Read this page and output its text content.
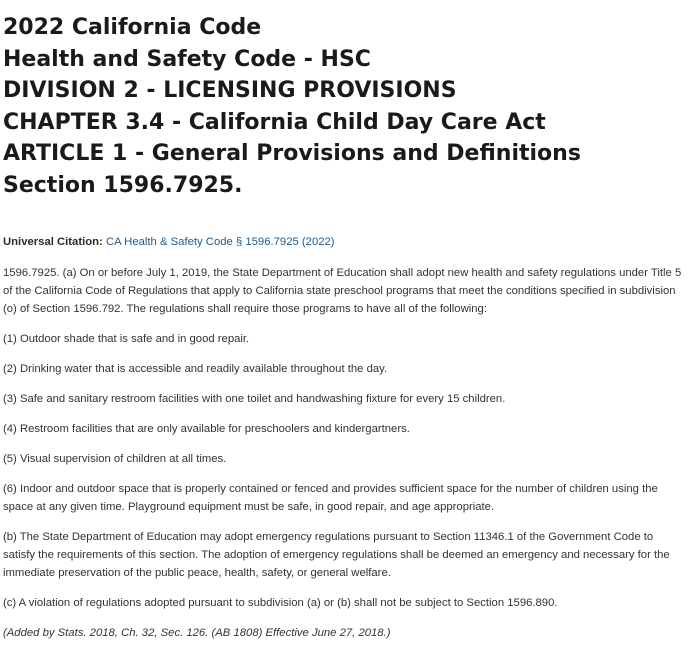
2022 California Code
Health and Safety Code - HSC
DIVISION 2 - LICENSING PROVISIONS
CHAPTER 3.4 - California Child Day Care Act
ARTICLE 1 - General Provisions and Definitions
Section 1596.7925.

Universal Citation: CA Health & Safety Code § 1596.7925 (2022)

1596.7925. (a) On or before July 1, 2019, the State Department of Education shall adopt new health and safety regulations under Title 5 of the California Code of Regulations that apply to California state preschool programs that meet the conditions specified in subdivision (o) of Section 1596.792. The regulations shall require those programs to have all of the following:

(1) Outdoor shade that is safe and in good repair.

(2) Drinking water that is accessible and readily available throughout the day.

(3) Safe and sanitary restroom facilities with one toilet and handwashing fixture for every 15 children.

(4) Restroom facilities that are only available for preschoolers and kindergartners.

(5) Visual supervision of children at all times.

(6) Indoor and outdoor space that is properly contained or fenced and provides sufficient space for the number of children using the space at any given time. Playground equipment must be safe, in good repair, and age appropriate.

(b) The State Department of Education may adopt emergency regulations pursuant to Section 11346.1 of the Government Code to satisfy the requirements of this section. The adoption of emergency regulations shall be deemed an emergency and necessary for the immediate preservation of the public peace, health, safety, or general welfare.

(c) A violation of regulations adopted pursuant to subdivision (a) or (b) shall not be subject to Section 1596.890.

(Added by Stats. 2018, Ch. 32, Sec. 126. (AB 1808) Effective June 27, 2018.)
